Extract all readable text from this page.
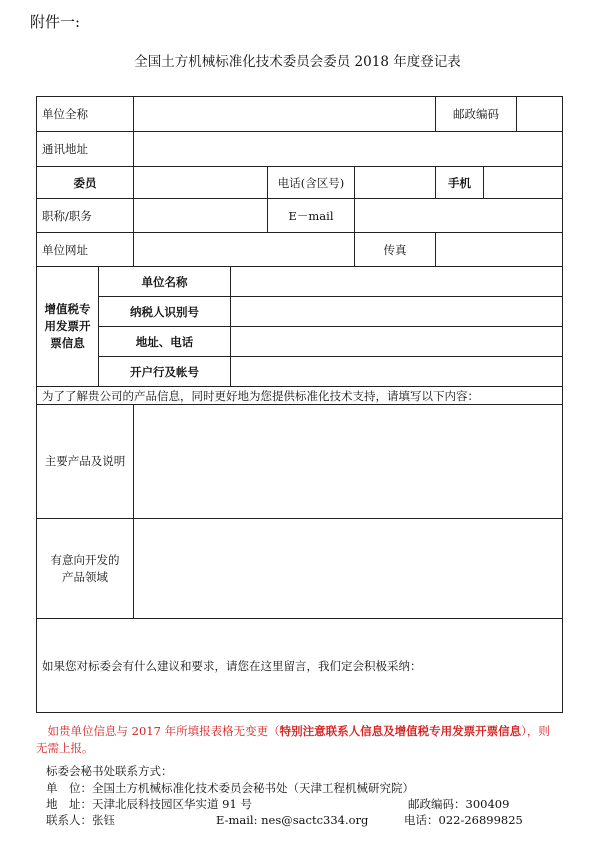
附件一:
全国土方机械标准化技术委员会委员 2018 年度登记表
单位全称						邮政编码		
通讯地址								
委员				电话(含区号)		手机		
职称/职务				E－mail				
单位网址					传真			
增值税专用发票开票信息	单位名称							
	纳税人识别号							
	地址、电话							
	开户行及帐号							
为了了解贵公司的产品信息，同时更好地为您提供标准化技术支持，请填写以下内容：								
主要产品及说明								
有意向开发的产品领域								
如果您对标委会有什么建议和要求，请您在这里留言，我们定会积极采纳：								
如贵单位信息与 2017 年所填报表格无变更（特别注意联系人信息及增值税专用发票开票信息），则无需上报。
标委会秘书处联系方式：
单　位：全国土方机械标准化技术委员会秘书处（天津工程机械研究院）
地　址：天津北辰科技园区华实道 91 号	邮政编码：300409
联系人：张钰	E-mail: nes@sactc334.org	电话：022-26899825
